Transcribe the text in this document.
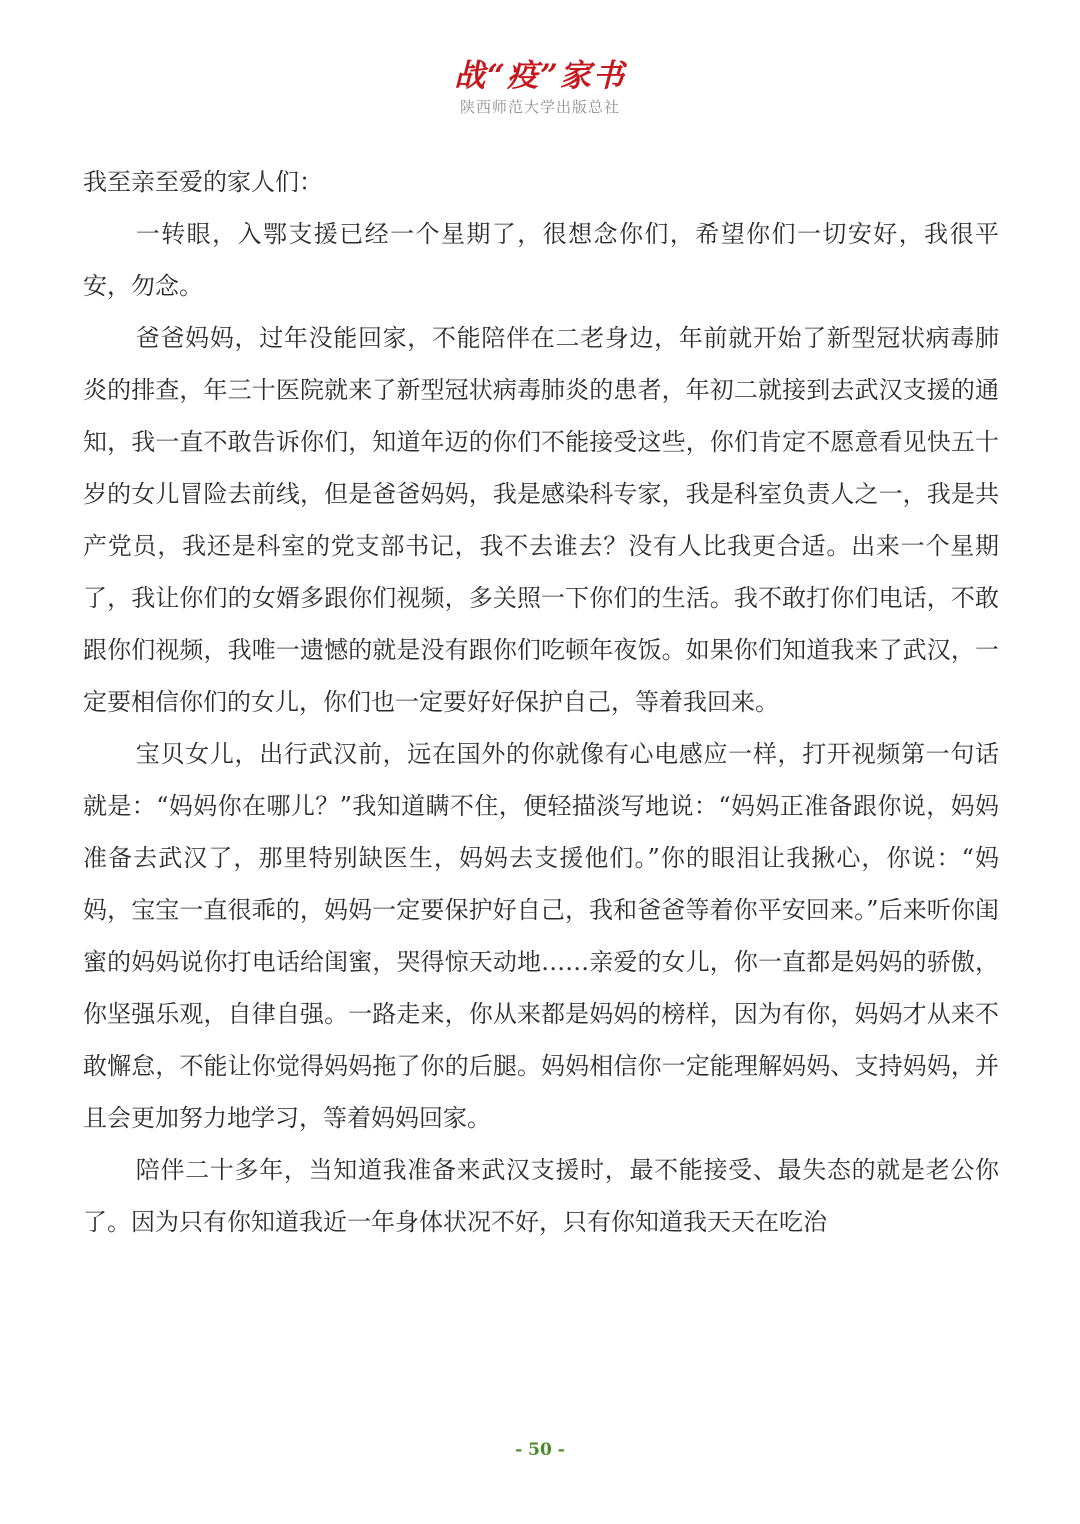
战“疫”家书
陕西师范大学出版总社

我至亲至爱的家人们：

一转眼，入鄂支援已经一个星期了，很想念你们，希望你们一切安好，我很平安，勿念。

爸爸妈妈，过年没能回家，不能陪伴在二老身边，年前就开始了新型冠状病毒肺炎的排查，年三十医院就来了新型冠状病毒肺炎的患者，年初二就接到去武汉支援的通知，我一直不敢告诉你们，知道年迈的你们不能接受这些，你们肯定不愿意看见快五十岁的女儿冒险去前线，但是爸爸妈妈，我是感染科专家，我是科室负责人之一，我是共产党员，我还是科室的党支部书记，我不去谁去？没有人比我更合适。出来一个星期了，我让你们的女婿多跟你们视频，多关照一下你们的生活。我不敢打你们电话，不敢跟你们视频，我唯一遗憾的就是没有跟你们吃顿年夜饭。如果你们知道我来了武汉，一定要相信你们的女儿，你们也一定要好好保护自己，等着我回来。

宝贝女儿，出行武汉前，远在国外的你就像有心电感应一样，打开视频第一句话就是：“妈妈你在哪儿？”我知道瞒不住，便轻描淡写地说：“妈妈正准备跟你说，妈妈准备去武汉了，那里特别缺医生，妈妈去支援他们。”你的眼泪让我揪心，你说：“妈妈，宝宝一直很乖的，妈妈一定要保护好自己，我和爸爸等着你平安回来。”后来听你闺蜜的妈妈说你打电话给闺蜜，哭得惊天动地……亲爱的女儿，你一直都是妈妈的骄傲，你坚强乐观，自律自强。一路走来，你从来都是妈妈的榜样，因为有你，妈妈才从来不敢懈怠，不能让你觉得妈妈拖了你的后腿。妈妈相信你一定能理解妈妈、支持妈妈，并且会更加努力地学习，等着妈妈回家。

陪伴二十多年，当知道我准备来武汉支援时，最不能接受、最失态的就是老公你了。因为只有你知道我近一年身体状况不好，只有你知道我天天在吃治

- 50 -
